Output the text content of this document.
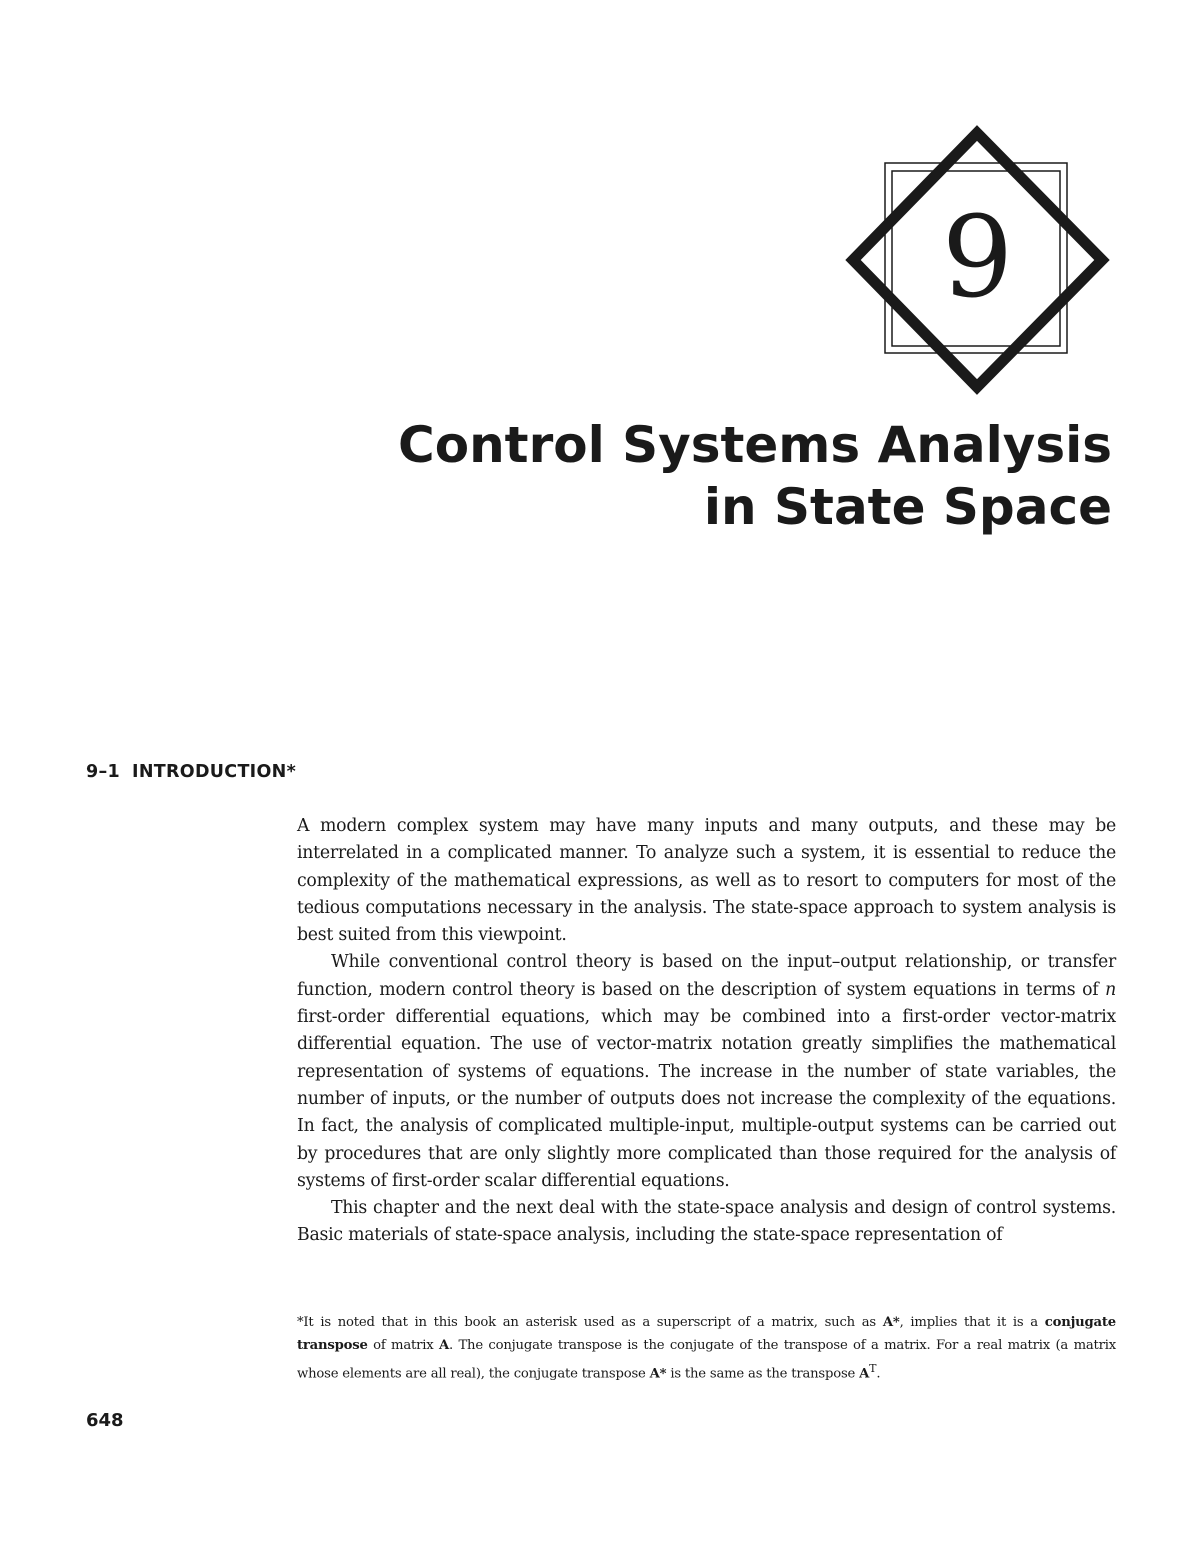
9
Control Systems Analysis
in State Space
9–1 INTRODUCTION*

A modern complex system may have many inputs and many outputs, and these may be interrelated in a complicated manner. To analyze such a system, it is essential to reduce the complexity of the mathematical expressions, as well as to resort to computers for most of the tedious computations necessary in the analysis. The state-space approach to system analysis is best suited from this viewpoint.

While conventional control theory is based on the input–output relationship, or transfer function, modern control theory is based on the description of system equations in terms of n first-order differential equations, which may be combined into a first-order vector-matrix differential equation. The use of vector-matrix notation greatly simplifies the mathematical representation of systems of equations. The increase in the number of state variables, the number of inputs, or the number of outputs does not increase the complexity of the equations. In fact, the analysis of complicated multiple-input, multiple-output systems can be carried out by procedures that are only slightly more complicated than those required for the analysis of systems of first-order scalar differential equations.

This chapter and the next deal with the state-space analysis and design of control systems. Basic materials of state-space analysis, including the state-space representation of

*It is noted that in this book an asterisk used as a superscript of a matrix, such as A*, implies that it is a conjugate transpose of matrix A. The conjugate transpose is the conjugate of the transpose of a matrix. For a real matrix (a matrix whose elements are all real), the conjugate transpose A* is the same as the transpose $A^T$.

648
